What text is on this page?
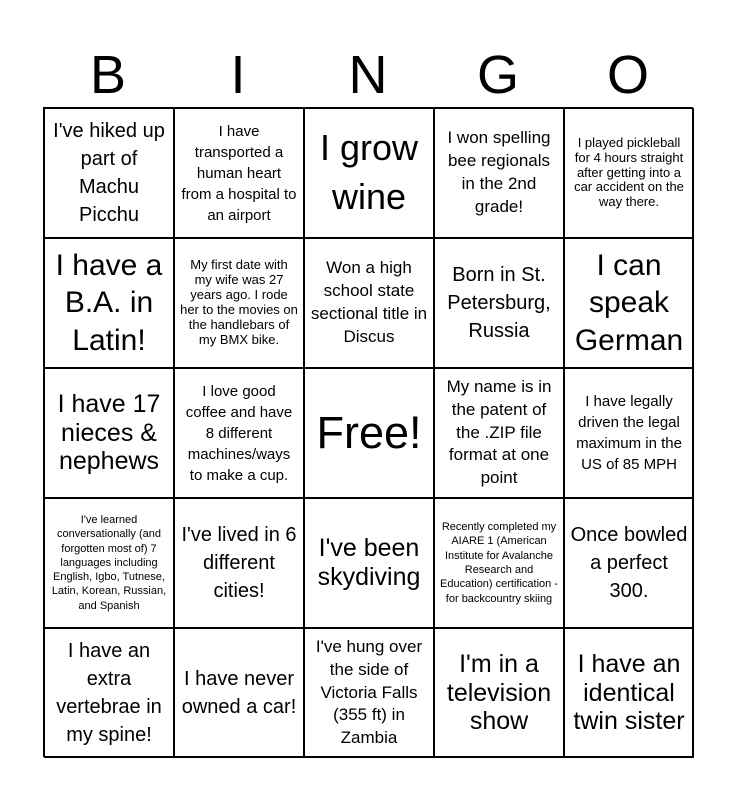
B	I	N	G	O
I've hiked up part of Machu Picchu
I have transported a human heart from a hospital to an airport
I grow wine
I won spelling bee regionals in the 2nd grade!
I played pickleball for 4 hours straight after getting into a car accident on the way there.
I have a B.A. in Latin!
My first date with my wife was 27 years ago. I rode her to the movies on the handlebars of my BMX bike.
Won a high school state sectional title in Discus
Born in St. Petersburg, Russia
I can speak German
I have 17 nieces & nephews
I love good coffee and have 8 different machines/ways to make a cup.
Free!
My name is in the patent of the .ZIP file format at one point
I have legally driven the legal maximum in the US of 85 MPH
I've learned conversationally (and forgotten most of) 7 languages including English, Igbo, Tutnese, Latin, Korean, Russian, and Spanish
I've lived in 6 different cities!
I've been skydiving
Recently completed my AIARE 1 (American Institute for Avalanche Research and Education) certification - for backcountry skiing
Once bowled a perfect 300.
I have an extra vertebrae in my spine!
I have never owned a car!
I've hung over the side of Victoria Falls (355 ft) in Zambia
I'm in a television show
I have an identical twin sister
